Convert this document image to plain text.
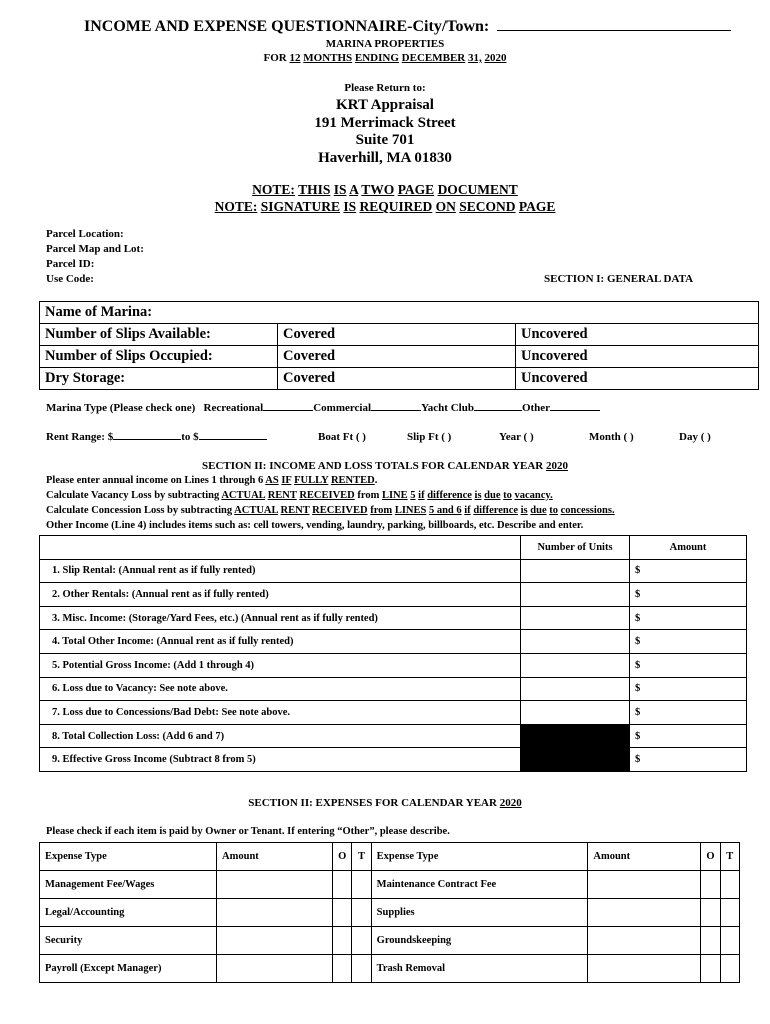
INCOME AND EXPENSE QUESTIONNAIRE-City/Town:
MARINA PROPERTIES
FOR 12 MONTHS ENDING DECEMBER 31, 2020
Please Return to:
KRT Appraisal
191 Merrimack Street
Suite 701
Haverhill, MA 01830
NOTE: THIS IS A TWO PAGE DOCUMENT
NOTE: SIGNATURE IS REQUIRED ON SECOND PAGE
Parcel Location:
Parcel Map and Lot:
Parcel ID:
Use Code:	SECTION I: GENERAL DATA
Name of Marina:		
Number of Slips Available:	Covered	Uncovered
Number of Slips Occupied:	Covered	Uncovered
Dry Storage:	Covered	Uncovered
Marina Type (Please check one) Recreational	Commercial	Yacht Club	Other
Rent Range: $	to $	Boat Ft ( )	Slip Ft ( )	Year ( )	Month ( )	Day ( )
SECTION II: INCOME AND LOSS TOTALS FOR CALENDAR YEAR 2020
Please enter annual income on Lines 1 through 6 AS IF FULLY RENTED.
Calculate Vacancy Loss by subtracting ACTUAL RENT RECEIVED from LINE 5 if difference is due to vacancy.
Calculate Concession Loss by subtracting ACTUAL RENT RECEIVED from LINES 5 and 6 if difference is due to concessions.
Other Income (Line 4) includes items such as: cell towers, vending, laundry, parking, billboards, etc. Describe and enter.
	Number of Units	Amount
1. Slip Rental: (Annual rent as if fully rented)		$
2. Other Rentals: (Annual rent as if fully rented)		$
3. Misc. Income: (Storage/Yard Fees, etc.) (Annual rent as if fully rented)		$
4. Total Other Income: (Annual rent as if fully rented)		$
5. Potential Gross Income: (Add 1 through 4)		$
6. Loss due to Vacancy: See note above.		$
7. Loss due to Concessions/Bad Debt: See note above.		$
8. Total Collection Loss: (Add 6 and 7)		$
9. Effective Gross Income (Subtract 8 from 5)		$
SECTION II: EXPENSES FOR CALENDAR YEAR 2020
Please check if each item is paid by Owner or Tenant. If entering “Other”, please describe.
Expense Type	Amount	O	T	Expense Type	Amount	O	T
Management Fee/Wages				Maintenance Contract Fee			
Legal/Accounting				Supplies			
Security				Groundskeeping			
Payroll (Except Manager)				Trash Removal			
